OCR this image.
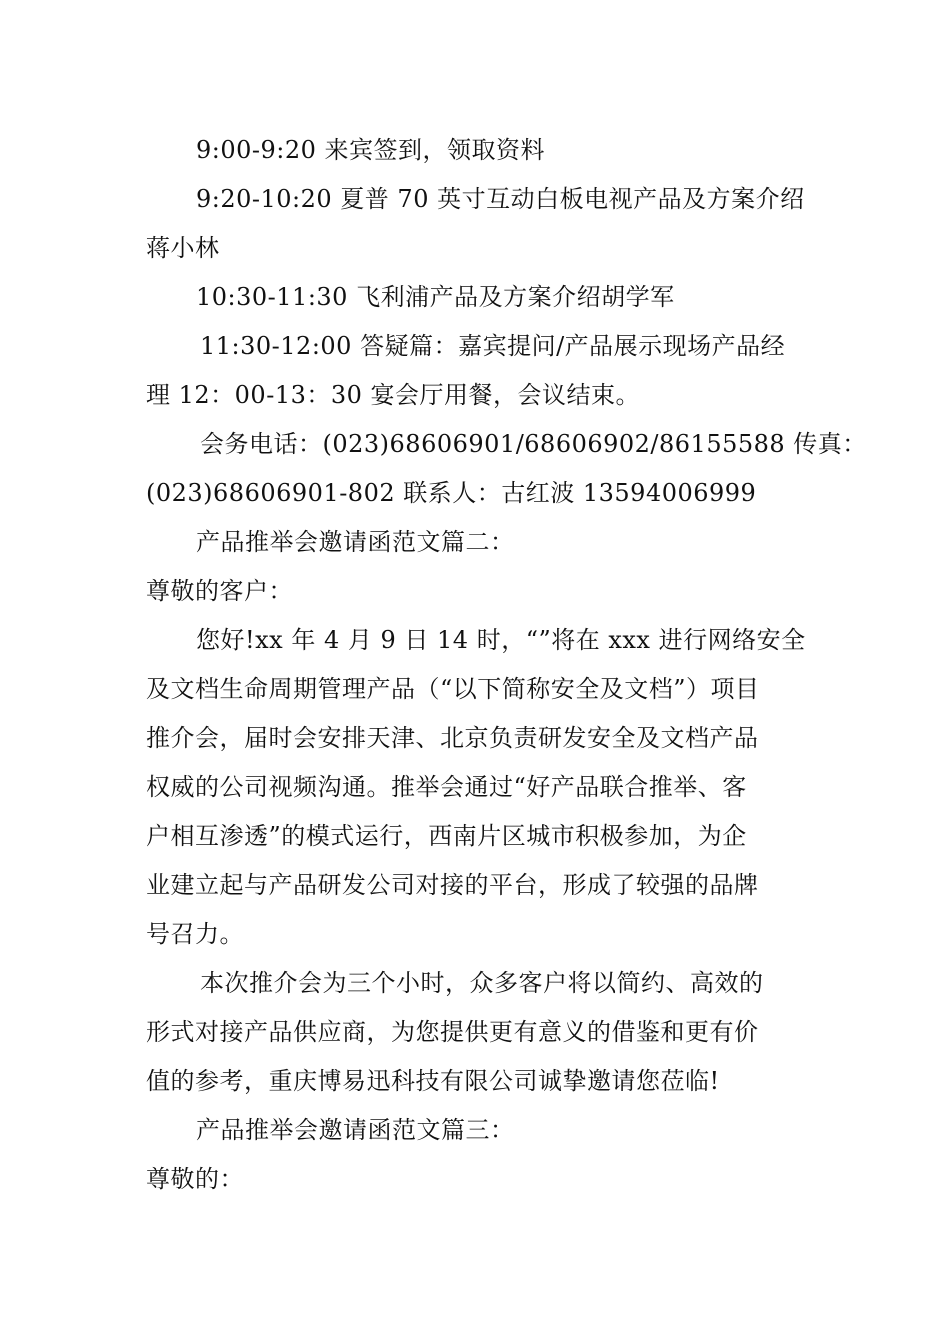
9:00-9:20 来宾签到，领取资料
9:20-10:20 夏普 70 英寸互动白板电视产品及方案介绍
蒋小林
10:30-11:30 飞利浦产品及方案介绍胡学军
11:30-12:00 答疑篇：嘉宾提问/产品展示现场产品经
理 12：00-13：30 宴会厅用餐，会议结束。
会务电话：(023)68606901/68606902/86155588 传真：
(023)68606901-802 联系人：古红波 13594006999
产品推举会邀请函范文篇二：
尊敬的客户：
您好!xx 年 4 月 9 日 14 时，“”将在 xxx 进行网络安全
及文档生命周期管理产品（“以下简称安全及文档”）项目
推介会，届时会安排天津、北京负责研发安全及文档产品
权威的公司视频沟通。推举会通过“好产品联合推举、客
户相互渗透”的模式运行，西南片区城市积极参加，为企
业建立起与产品研发公司对接的平台，形成了较强的品牌
号召力。
本次推介会为三个小时，众多客户将以简约、高效的
形式对接产品供应商，为您提供更有意义的借鉴和更有价
值的参考，重庆博易迅科技有限公司诚挚邀请您莅临!
产品推举会邀请函范文篇三：
尊敬的：
